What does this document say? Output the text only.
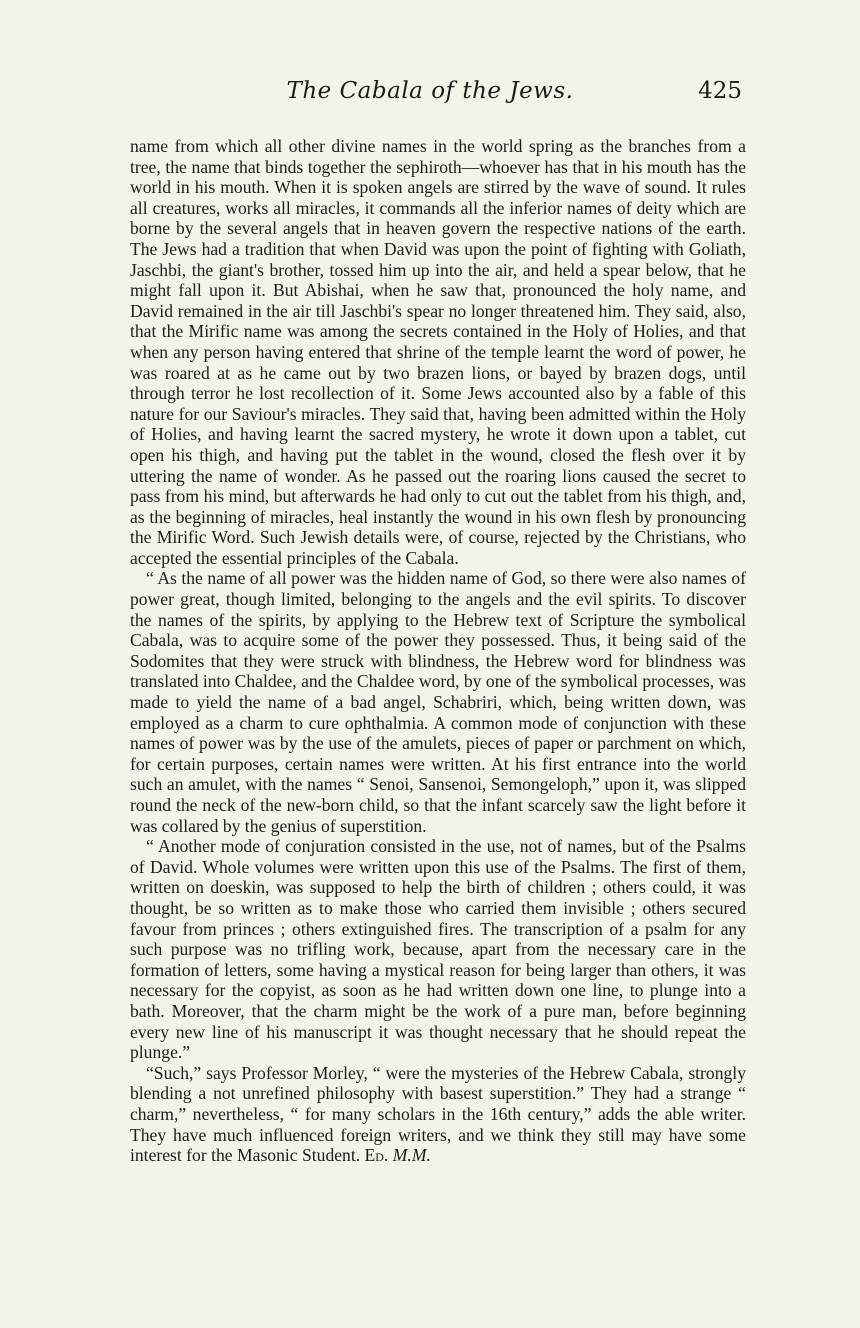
The Cabala of the Jews.	425

name from which all other divine names in the world spring as the branches from a tree, the name that binds together the sephiroth—whoever has that in his mouth has the world in his mouth. When it is spoken angels are stirred by the wave of sound. It rules all creatures, works all miracles, it commands all the inferior names of deity which are borne by the several angels that in heaven govern the respective nations of the earth. The Jews had a tradition that when David was upon the point of fighting with Goliath, Jaschbi, the giant's brother, tossed him up into the air, and held a spear below, that he might fall upon it. But Abishai, when he saw that, pronounced the holy name, and David remained in the air till Jaschbi's spear no longer threatened him. They said, also, that the Mirific name was among the secrets contained in the Holy of Holies, and that when any person having entered that shrine of the temple learnt the word of power, he was roared at as he came out by two brazen lions, or bayed by brazen dogs, until through terror he lost recollection of it. Some Jews accounted also by a fable of this nature for our Saviour's miracles. They said that, having been admitted within the Holy of Holies, and having learnt the sacred mystery, he wrote it down upon a tablet, cut open his thigh, and having put the tablet in the wound, closed the flesh over it by uttering the name of wonder. As he passed out the roaring lions caused the secret to pass from his mind, but afterwards he had only to cut out the tablet from his thigh, and, as the beginning of miracles, heal instantly the wound in his own flesh by pronouncing the Mirific Word. Such Jewish details were, of course, rejected by the Christians, who accepted the essential principles of the Cabala.

“ As the name of all power was the hidden name of God, so there were also names of power great, though limited, belonging to the angels and the evil spirits. To discover the names of the spirits, by applying to the Hebrew text of Scripture the symbolical Cabala, was to acquire some of the power they possessed. Thus, it being said of the Sodomites that they were struck with blindness, the Hebrew word for blindness was translated into Chaldee, and the Chaldee word, by one of the symbolical processes, was made to yield the name of a bad angel, Schabriri, which, being written down, was employed as a charm to cure ophthalmia. A common mode of conjunction with these names of power was by the use of the amulets, pieces of paper or parchment on which, for certain purposes, certain names were written. At his first entrance into the world such an amulet, with the names “ Senoi, Sansenoi, Semongeloph,” upon it, was slipped round the neck of the new-born child, so that the infant scarcely saw the light before it was collared by the genius of superstition.

“ Another mode of conjuration consisted in the use, not of names, but of the Psalms of David. Whole volumes were written upon this use of the Psalms. The first of them, written on doeskin, was supposed to help the birth of children ; others could, it was thought, be so written as to make those who carried them invisible ; others secured favour from princes ; others extinguished fires. The transcription of a psalm for any such purpose was no trifling work, because, apart from the necessary care in the formation of letters, some having a mystical reason for being larger than others, it was necessary for the copyist, as soon as he had written down one line, to plunge into a bath. Moreover, that the charm might be the work of a pure man, before beginning every new line of his manuscript it was thought necessary that he should repeat the plunge.”

“Such,” says Professor Morley, “ were the mysteries of the Hebrew Cabala, strongly blending a not unrefined philosophy with basest superstition.” They had a strange “ charm,” nevertheless, “ for many scholars in the 16th century,” adds the able writer. They have much influenced foreign writers, and we think they still may have some interest for the Masonic Student. Ed. M.M.
